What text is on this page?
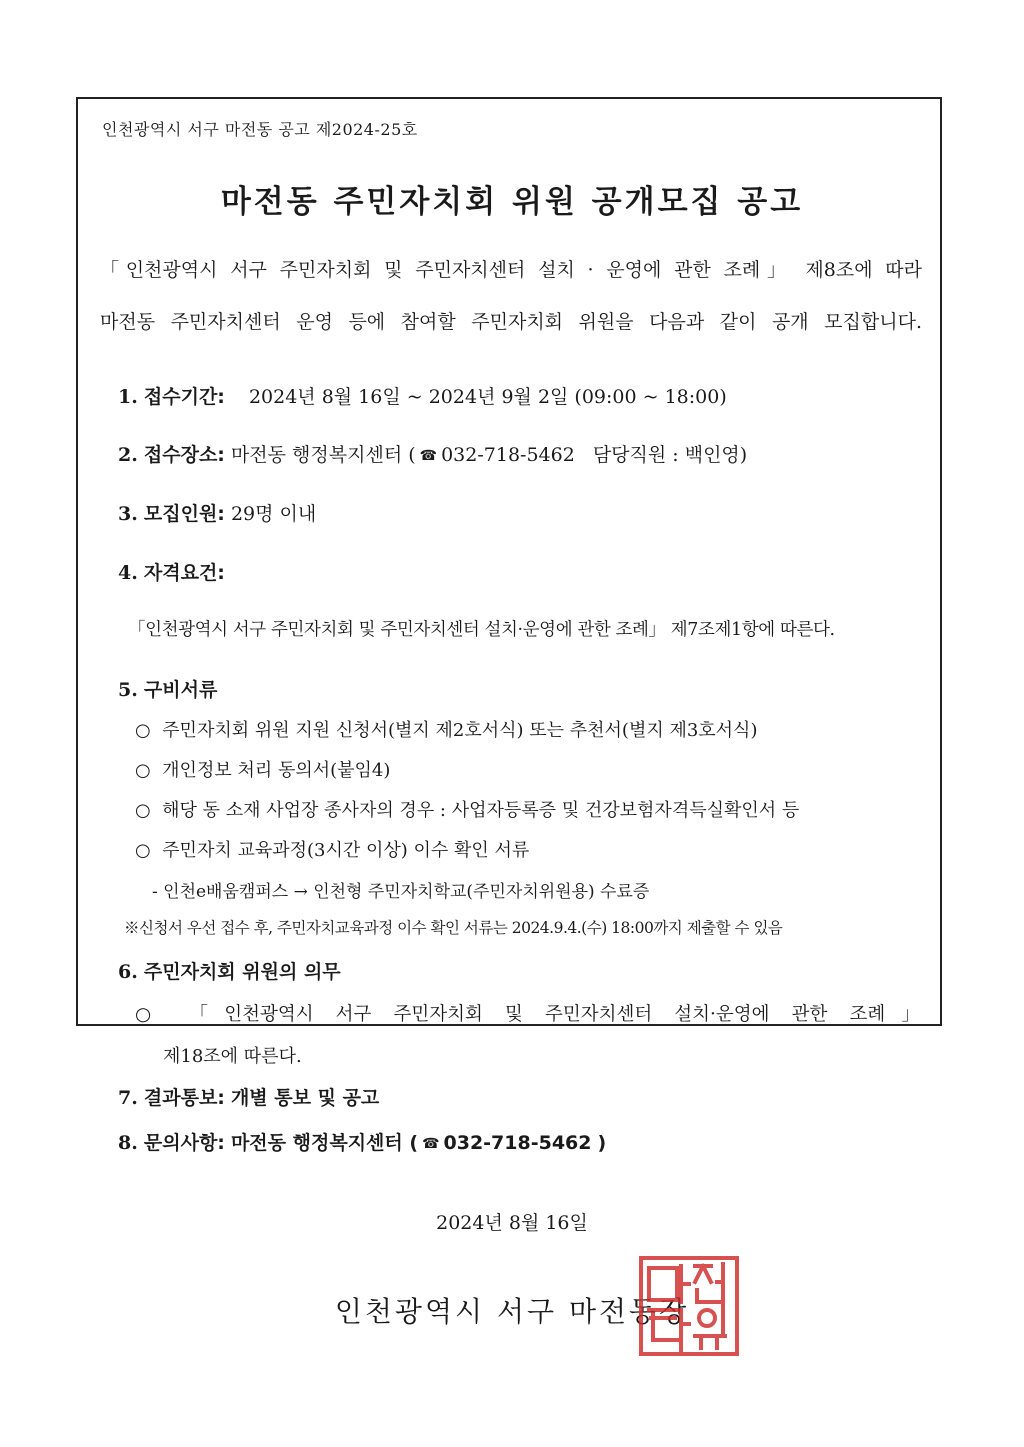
인천광역시 서구 마전동 공고 제2024-25호
마전동 주민자치회 위원 공개모집 공고
「인천광역시 서구 주민자치회 및 주민자치센터 설치 · 운영에 관한 조례」 제8조에 따라
마전동 주민자치센터 운영 등에 참여할 주민자치회 위원을 다음과 같이 공개 모집합니다.
1. 접수기간: 2024년 8월 16일 ~ 2024년 9월 2일 (09:00 ~ 18:00)
2. 접수장소: 마전동 행정복지센터 ( ☎ 032-718-5462 담당직원 : 백인영)
3. 모집인원: 29명 이내
4. 자격요건:
「인천광역시 서구 주민자치회 및 주민자치센터 설치·운영에 관한 조례」 제7조제1항에 따른다.
5. 구비서류
○ 주민자치회 위원 지원 신청서(별지 제2호서식) 또는 추천서(별지 제3호서식)
○ 개인정보 처리 동의서(붙임4)
○ 해당 동 소재 사업장 종사자의 경우 : 사업자등록증 및 건강보험자격득실확인서 등
○ 주민자치 교육과정(3시간 이상) 이수 확인 서류
- 인천e배움캠퍼스 → 인천형 주민자치학교(주민자치위원용) 수료증
※신청서 우선 접수 후, 주민자치교육과정 이수 확인 서류는 2024.9.4.(수) 18:00까지 제출할 수 있음
6. 주민자치회 위원의 의무
○ 「인천광역시 서구 주민자치회 및 주민자치센터 설치·운영에 관한 조례」
제18조에 따른다.
7. 결과통보: 개별 통보 및 공고
8. 문의사항: 마전동 행정복지센터 ( ☎ 032-718-5462 )
2024년 8월 16일
인천광역시 서구 마전동장
